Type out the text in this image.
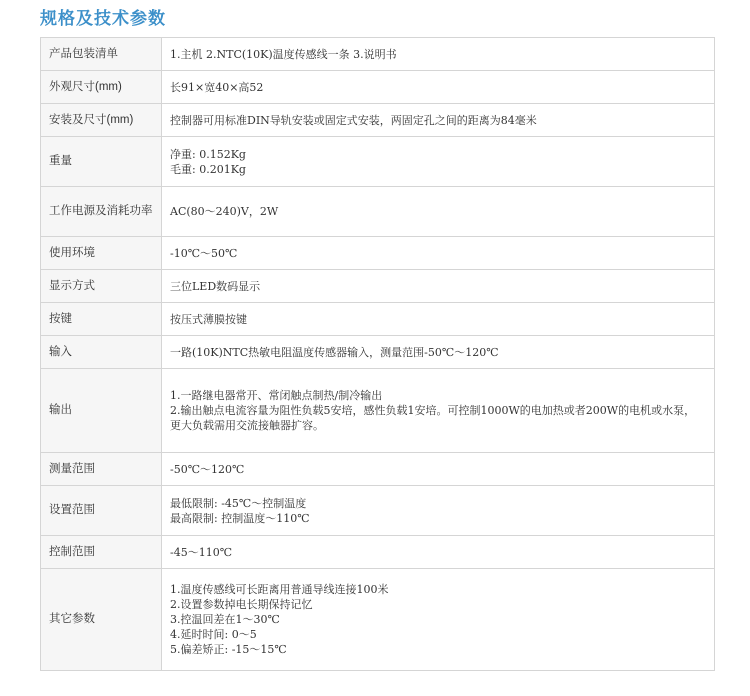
规格及技术参数
产品包装清单	1.主机 2.NTC(10K)温度传感线一条 3.说明书

外观尺寸(mm)	长91×宽40×高52

安装及尺寸(mm)	控制器可用标准DIN导轨安装或固定式安装，两固定孔之间的距离为84毫米

重量	净重: 0.152Kg
毛重: 0.201Kg

工作电源及消耗功率	AC(80～240)V，2W

使用环境	-10℃～50℃

显示方式	三位LED数码显示

按键	按压式薄膜按键

输入	一路(10K)NTC热敏电阻温度传感器输入，测量范围-50℃～120℃

输出	1.一路继电器常开、常闭触点制热/制冷输出
2.输出触点电流容量为阻性负载5安培，感性负载1安培。可控制1000W的电加热或者200W的电机或水泵，
更大负载需用交流接触器扩容。

测量范围	-50℃～120℃

设置范围	最低限制: -45℃～控制温度
最高限制: 控制温度～110℃

控制范围	-45～110℃

其它参数	1.温度传感线可长距离用普通导线连接100米
2.设置参数掉电长期保持记忆
3.控温回差在1～30℃
4.延时时间: 0～5
5.偏差矫正: -15～15℃
